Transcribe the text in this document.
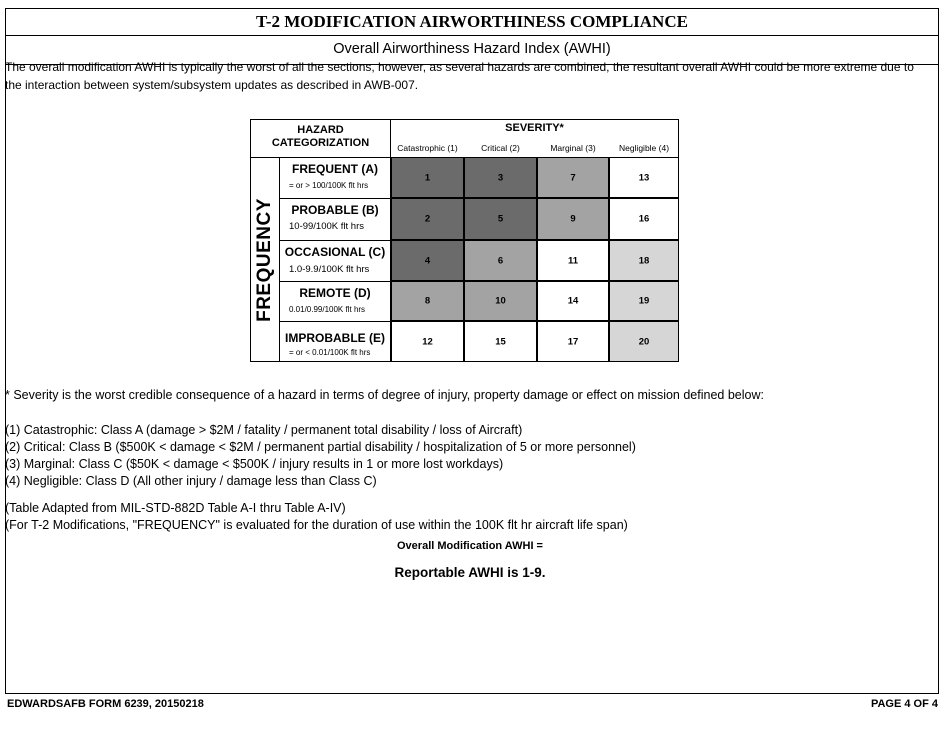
T-2 MODIFICATION AIRWORTHINESS COMPLIANCE
Overall Airworthiness Hazard Index (AWHI)
The overall modification AWHI is typically the worst of all the sections, however, as several hazards are combined, the resultant overall AWHI could be more extreme due to the interaction between system/subsystem updates as described in AWB-007.
HAZARD CATEGORIZATION
SEVERITY*
Catastrophic (1)	Critical (2)	Marginal (3)	Negligible (4)
FREQUENCY
FREQUENT (A)
= or > 100/100K flt hrs
1	3	7	13
PROBABLE (B)
10-99/100K flt hrs
2	5	9	16
OCCASIONAL (C)
1.0-9.9/100K flt hrs
4	6	11	18
REMOTE (D)
0.01/0.99/100K flt hrs
8	10	14	19
IMPROBABLE (E)
= or < 0.01/100K flt hrs
12	15	17	20
* Severity is the worst credible consequence of a hazard in terms of degree of injury, property damage or effect on mission defined below:
(1) Catastrophic: Class A (damage > $2M / fatality / permanent total disability / loss of Aircraft)
(2) Critical: Class B ($500K < damage < $2M / permanent partial disability / hospitalization of 5 or more personnel)
(3) Marginal: Class C ($50K < damage < $500K / injury results in 1 or more lost workdays)
(4) Negligible: Class D (All other injury / damage less than Class C)
(Table Adapted from MIL-STD-882D Table A-I thru Table A-IV)
(For T-2 Modifications, "FREQUENCY" is evaluated for the duration of use within the 100K flt hr aircraft life span)
Overall Modification AWHI =
Reportable AWHI is 1-9.
EDWARDSAFB FORM 6239, 20150218	PAGE 4 OF 4
